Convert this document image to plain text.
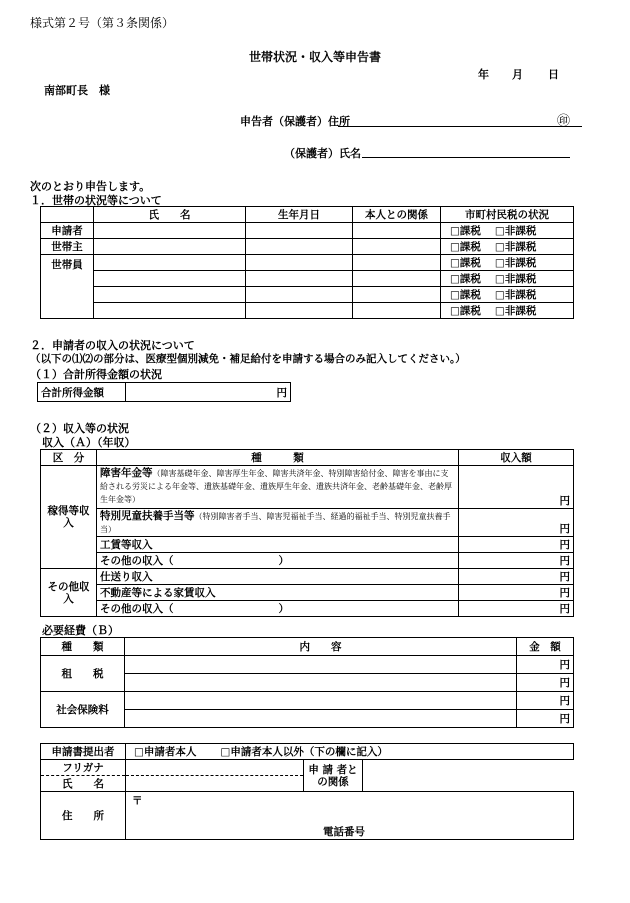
様式第２号（第３条関係）
世帯状況・収入等申告書
年 月 日
南部町長　様
申告者（保護者）住所	㊞
（保護者）氏名
次のとおり申告します。
１．世帯の状況等について
	氏　　名	生年月日	本人との関係	市町村民税の状況
申請者				□課税 □非課税
世帯主				□課税 □非課税
世帯員				□課税 □非課税
				□課税 □非課税
				□課税 □非課税
				□課税 □非課税
２．申請者の収入の状況について
（以下の⑴⑵の部分は、医療型個別減免・補足給付を申請する場合のみ記入してください。）
（１）合計所得金額の状況
合計所得金額	円
（２）収入等の状況
収入（Ａ）（年収）
区　分	種　　　類	収入額
稼得等収　入	障害年金等（障害基礎年金、障害厚生年金、障害共済年金、特別障害給付金、障害を事由に支給される労災による年金等、遺族基礎年金、遺族厚生年金、遺族共済年金、老齢基礎年金、老齢厚生年金等）	円
	特別児童扶養手当等（特別障害者手当、障害児福祉手当、経過的福祉手当、特別児童扶養手当）	円
	工賃等収入	円
	その他の収入（　　　　　　　　　　）	円
その他収　入	仕送り収入	円
	不動産等による家賃収入	円
	その他の収入（　　　　　　　　　　）	円
必要経費（Ｂ）
種　　類	内　　容	金　額
租　　税		円
		円
社会保険料		円
		円
申請書提出者	□申請者本人 □申請者本人以外（下の欄に記入）		
フリガナ		申 請 者との関係	
氏　　名			
住　　所	〒
電話番号		
